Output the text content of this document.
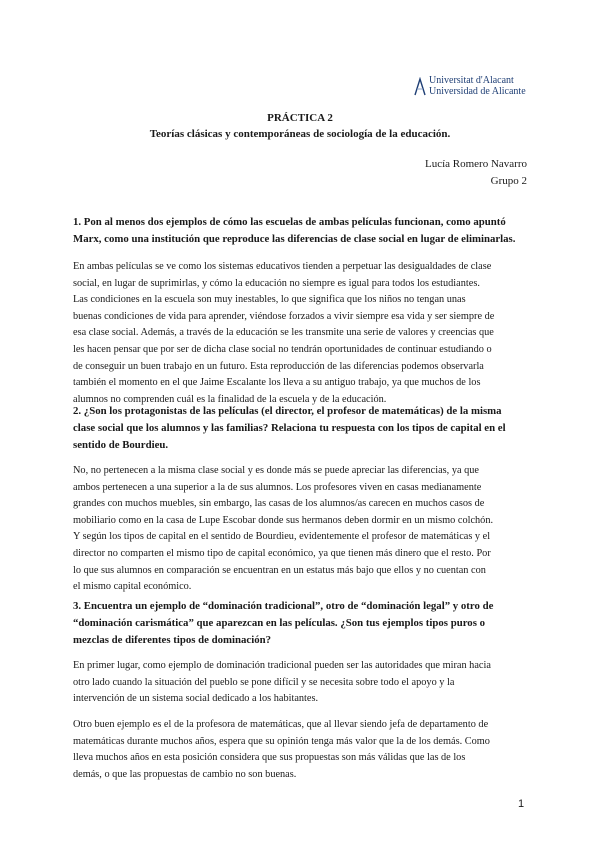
Universitat d'Alacant
Universidad de Alicante
PRÁCTICA 2
Teorías clásicas y contemporáneas de sociología de la educación.
Lucía Romero Navarro
Grupo 2
1. Pon al menos dos ejemplos de cómo las escuelas de ambas películas funcionan, como apuntó
Marx, como una institución que reproduce las diferencias de clase social en lugar de eliminarlas.
En ambas películas se ve como los sistemas educativos tienden a perpetuar las desigualdades de clase
social, en lugar de suprimirlas, y cómo la educación no siempre es igual para todos los estudiantes.
Las condiciones en la escuela son muy inestables, lo que significa que los niños no tengan unas
buenas condiciones de vida para aprender, viéndose forzados a vivir siempre esa vida y ser siempre de
esa clase social. Además, a través de la educación se les transmite una serie de valores y creencias que
les hacen pensar que por ser de dicha clase social no tendrán oportunidades de continuar estudiando o
de conseguir un buen trabajo en un futuro. Esta reproducción de las diferencias podemos observarla
también el momento en el que Jaime Escalante los lleva a su antiguo trabajo, ya que muchos de los
alumnos no comprenden cuál es la finalidad de la escuela y de la educación.
2. ¿Son los protagonistas de las películas (el director, el profesor de matemáticas) de la misma
clase social que los alumnos y las familias? Relaciona tu respuesta con los tipos de capital en el
sentido de Bourdieu.
No, no pertenecen a la misma clase social y es donde más se puede apreciar las diferencias, ya que
ambos pertenecen a una superior a la de sus alumnos. Los profesores viven en casas medianamente
grandes con muchos muebles, sin embargo, las casas de los alumnos/as carecen en muchos casos de
mobiliario como en la casa de Lupe Escobar donde sus hermanos deben dormir en un mismo colchón.
Y según los tipos de capital en el sentido de Bourdieu, evidentemente el profesor de matemáticas y el
director no comparten el mismo tipo de capital económico, ya que tienen más dinero que el resto. Por
lo que sus alumnos en comparación se encuentran en un estatus más bajo que ellos y no cuentan con
el mismo capital económico.
3. Encuentra un ejemplo de “dominación tradicional”, otro de “dominación legal” y otro de
“dominación carismática” que aparezcan en las películas. ¿Son tus ejemplos tipos puros o
mezclas de diferentes tipos de dominación?
En primer lugar, como ejemplo de dominación tradicional pueden ser las autoridades que miran hacia
otro lado cuando la situación del pueblo se pone difícil y se necesita sobre todo el apoyo y la
intervención de un sistema social dedicado a los habitantes.
Otro buen ejemplo es el de la profesora de matemáticas, que al llevar siendo jefa de departamento de
matemáticas durante muchos años, espera que su opinión tenga más valor que la de los demás. Como
lleva muchos años en esta posición considera que sus propuestas son más válidas que las de los
demás, o que las propuestas de cambio no son buenas.
1
